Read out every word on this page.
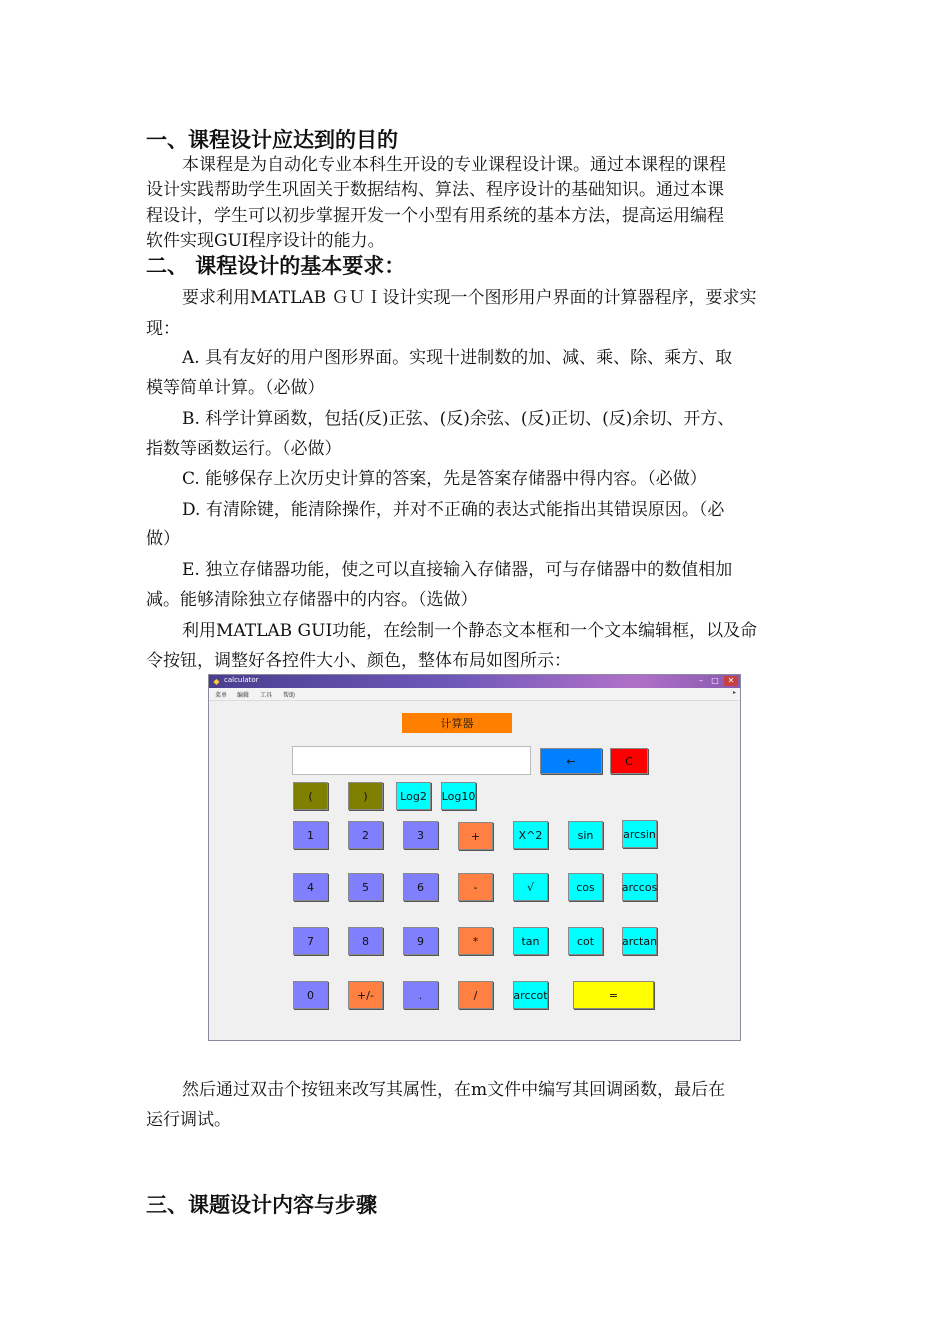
一、课程设计应达到的目的

本课程是为自动化专业本科生开设的专业课程设计课。通过本课程的课程

设计实践帮助学生巩固关于数据结构、算法、程序设计的基础知识。通过本课

程设计，学生可以初步掌握开发一个小型有用系统的基本方法，提高运用编程

软件实现GUI程序设计的能力。

二、 课程设计的基本要求：

要求利用MATLAB ＧＵＩ设计实现一个图形用户界面的计算器程序，要求实

现：

A. 具有友好的用户图形界面。实现十进制数的加、减、乘、除、乘方、取

模等简单计算。（必做）

B. 科学计算函数，包括(反)正弦、(反)余弦、(反)正切、(反)余切、开方、

指数等函数运行。（必做）

C. 能够保存上次历史计算的答案，先是答案存储器中得内容。（必做）

D. 有清除键，能清除操作，并对不正确的表达式能指出其错误原因。（必

做）

E. 独立存储器功能，使之可以直接输入存储器，可与存储器中的数值相加

减。能够清除独立存储器中的内容。（选做）

利用MATLAB GUI功能，在绘制一个静态文本框和一个文本编辑框，以及命

令按钮，调整好各控件大小、颜色，整体布局如图所示：

◆ calculator	–	□	✕
菜单 编辑 工具 帮助	▸
计算器
←	C
(	)	Log2	Log10
1	2	3	+	X^2	sin	arcsin
4	5	6	-	√	cos	arccos
7	8	9	*	tan	cot	arctan
0	+/-	.	/	arccot	=

然后通过双击个按钮来改写其属性，在m文件中编写其回调函数，最后在

运行调试。

三、课题设计内容与步骤
